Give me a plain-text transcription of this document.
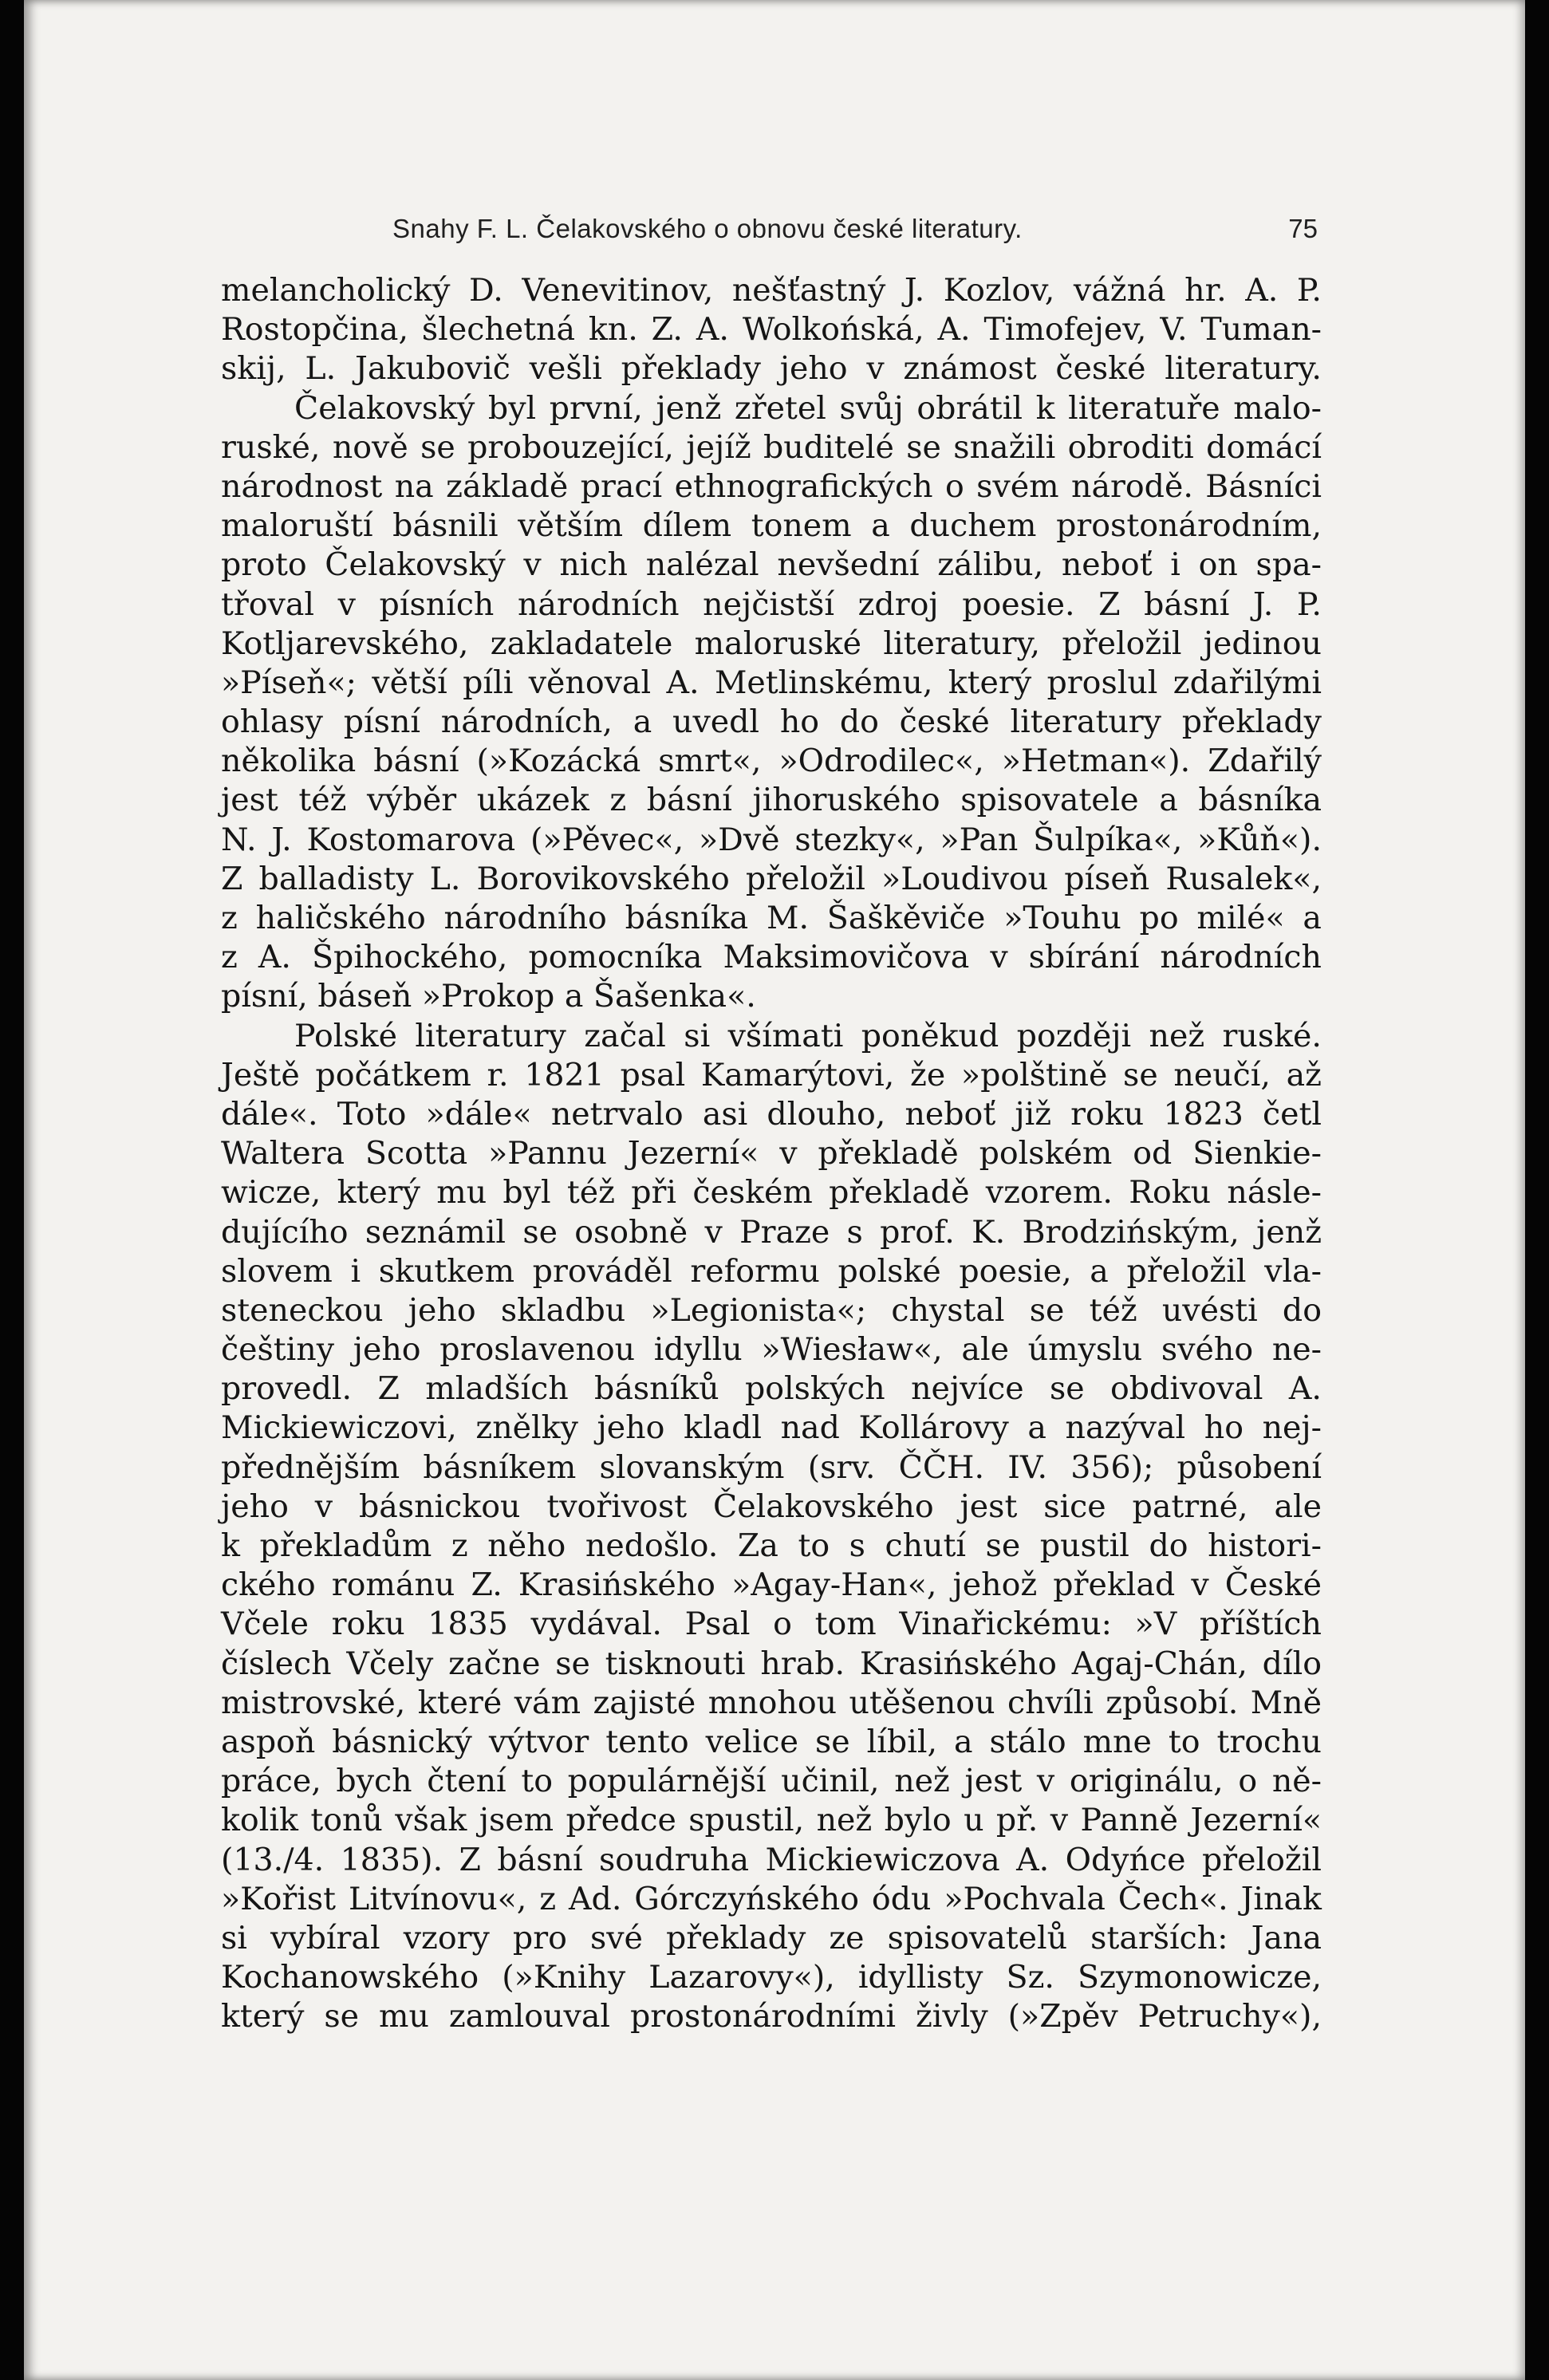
Snahy F. L. Čelakovského o obnovu české literatury.	75
melancholický D. Venevitinov, nešťastný J. Kozlov, vážná hr. A. P.
Rostopčina, šlechetná kn. Z. A. Wolkońská, A. Timofejev, V. Tuman-
skij, L. Jakubovič vešli překlady jeho v známost české literatury.
Čelakovský byl první, jenž zřetel svůj obrátil k literatuře malo-
ruské, nově se probouzející, jejíž buditelé se snažili obroditi domácí
národnost na základě prací ethnografických o svém národě. Básníci
maloruští básnili větším dílem tonem a duchem prostonárodním,
proto Čelakovský v nich nalézal nevšední zálibu, neboť i on spa-
třoval v písních národních nejčistší zdroj poesie. Z básní J. P.
Kotljarevského, zakladatele maloruské literatury, přeložil jedinou
»Píseň«; větší píli věnoval A. Metlinskému, který proslul zdařilými
ohlasy písní národních, a uvedl ho do české literatury překlady
několika básní (»Kozácká smrt«, »Odrodilec«, »Hetman«). Zdařilý
jest též výběr ukázek z básní jihoruského spisovatele a básníka
N. J. Kostomarova (»Pěvec«, »Dvě stezky«, »Pan Šulpíka«, »Kůň«).
Z balladisty L. Borovikovského přeložil »Loudivou píseň Rusalek«,
z haličského národního básníka M. Šaškěviče »Touhu po milé« a
z A. Špihockého, pomocníka Maksimovičova v sbírání národních
písní, báseň »Prokop a Šašenka«.
Polské literatury začal si všímati poněkud později než ruské.
Ještě počátkem r. 1821 psal Kamarýtovi, že »polštině se neučí, až
dále«. Toto »dále« netrvalo asi dlouho, neboť již roku 1823 četl
Waltera Scotta »Pannu Jezerní« v překladě polském od Sienkie-
wicze, který mu byl též při českém překladě vzorem. Roku násle-
dujícího seznámil se osobně v Praze s prof. K. Brodzińským, jenž
slovem i skutkem prováděl reformu polské poesie, a přeložil vla-
steneckou jeho skladbu »Legionista«; chystal se též uvésti do
češtiny jeho proslavenou idyllu »Wiesław«, ale úmyslu svého ne-
provedl. Z mladších básníků polských nejvíce se obdivoval A.
Mickiewiczovi, znělky jeho kladl nad Kollárovy a nazýval ho nej-
přednějším básníkem slovanským (srv. ČČH. IV. 356); působení
jeho v básnickou tvořivost Čelakovského jest sice patrné, ale
k překladům z něho nedošlo. Za to s chutí se pustil do histori-
ckého románu Z. Krasińského »Agay-Han«, jehož překlad v České
Včele roku 1835 vydával. Psal o tom Vinařickému: »V příštích
číslech Včely začne se tisknouti hrab. Krasińského Agaj-Chán, dílo
mistrovské, které vám zajisté mnohou utěšenou chvíli způsobí. Mně
aspoň básnický výtvor tento velice se líbil, a stálo mne to trochu
práce, bych čtení to populárnější učinil, než jest v originálu, o ně-
kolik tonů však jsem předce spustil, než bylo u př. v Panně Jezerní«
(13./4. 1835). Z básní soudruha Mickiewiczova A. Odyńce přeložil
»Kořist Litvínovu«, z Ad. Górczyńského ódu »Pochvala Čech«. Jinak
si vybíral vzory pro své překlady ze spisovatelů starších: Jana
Kochanowského (»Knihy Lazarovy«), idyllisty Sz. Szymonowicze,
který se mu zamlouval prostonárodními živly (»Zpěv Petruchy«),
